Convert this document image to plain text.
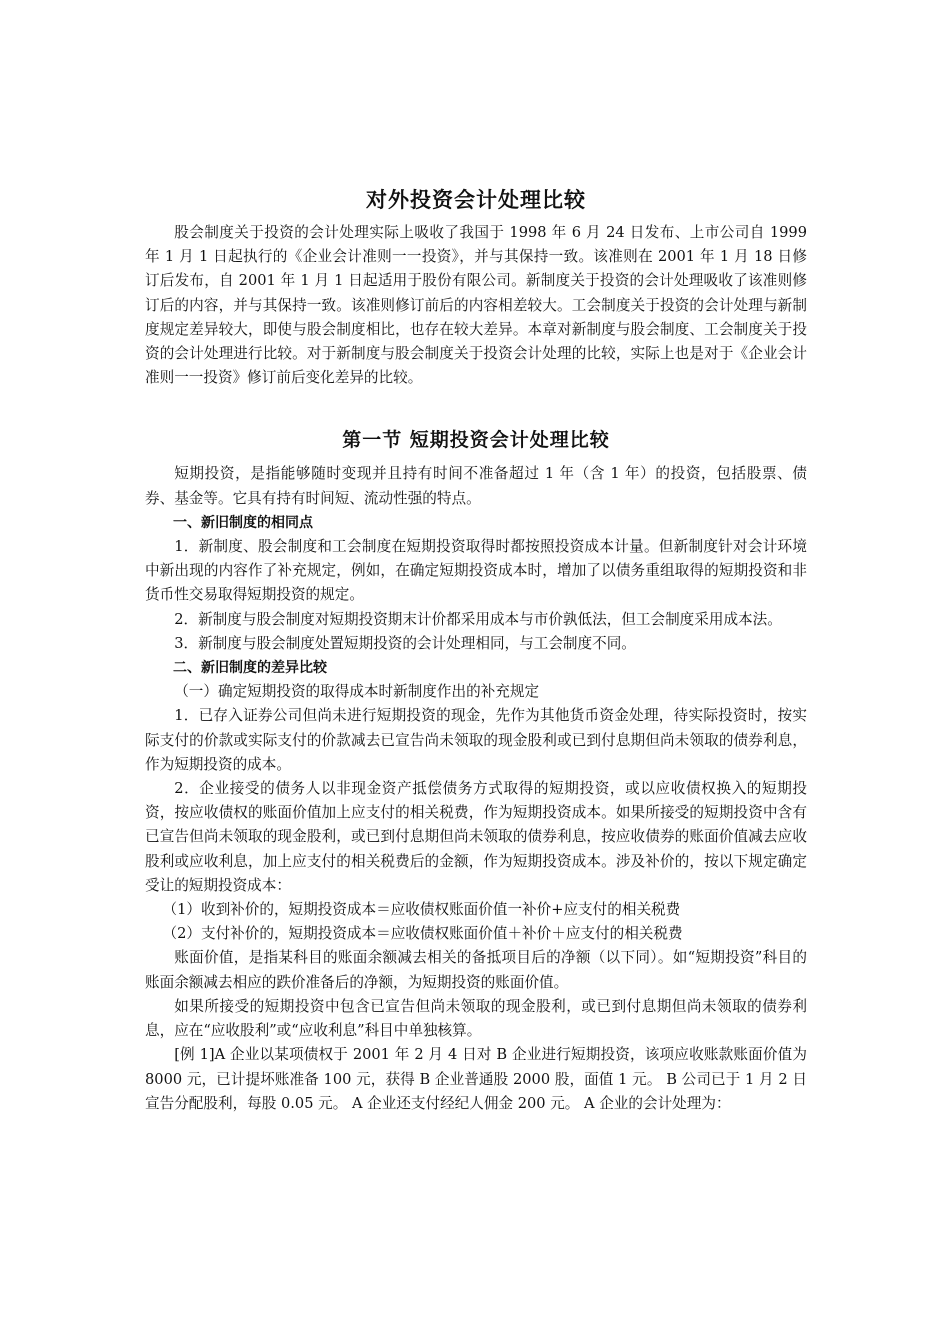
对外投资会计处理比较

股会制度关于投资的会计处理实际上吸收了我国于 1998 年 6 月 24 日发布、上市公司自 1999 年 1 月 1 日起执行的《企业会计准则一一投资》，并与其保持一致。该准则在 2001 年 1 月 18 日修订后发布，自 2001 年 1 月 1 日起适用于股份有限公司。新制度关于投资的会计处理吸收了该准则修订后的内容，并与其保持一致。该准则修订前后的内容相差较大。工会制度关于投资的会计处理与新制度规定差异较大，即使与股会制度相比，也存在较大差异。本章对新制度与股会制度、工会制度关于投资的会计处理进行比较。对于新制度与股会制度关于投资会计处理的比较，实际上也是对于《企业会计准则一一投资》修订前后变化差异的比较。

第一节 短期投资会计处理比较

短期投资，是指能够随时变现并且持有时间不准备超过 1 年（含 1 年）的投资，包括股票、债券、基金等。它具有持有时间短、流动性强的特点。

一、新旧制度的相同点

1．新制度、股会制度和工会制度在短期投资取得时都按照投资成本计量。但新制度针对会计环境中新出现的内容作了补充规定，例如，在确定短期投资成本时，增加了以债务重组取得的短期投资和非货币性交易取得短期投资的规定。

2．新制度与股会制度对短期投资期末计价都采用成本与市价孰低法，但工会制度采用成本法。

3．新制度与股会制度处置短期投资的会计处理相同，与工会制度不同。

二、新旧制度的差异比较

（一）确定短期投资的取得成本时新制度作出的补充规定

1．已存入证券公司但尚未进行短期投资的现金，先作为其他货币资金处理，待实际投资时，按实际支付的价款或实际支付的价款减去已宣告尚未领取的现金股利或已到付息期但尚未领取的债券利息，作为短期投资的成本。

2．企业接受的债务人以非现金资产抵偿债务方式取得的短期投资，或以应收债权换入的短期投资，按应收债权的账面价值加上应支付的相关税费，作为短期投资成本。如果所接受的短期投资中含有已宣告但尚未领取的现金股利，或已到付息期但尚未领取的债券利息，按应收债券的账面价值减去应收股利或应收利息，加上应支付的相关税费后的金额，作为短期投资成本。涉及补价的，按以下规定确定受让的短期投资成本：

（1）收到补价的，短期投资成本＝应收债权账面价值一补价+应支付的相关税费

（2）支付补价的，短期投资成本＝应收债权账面价值＋补价＋应支付的相关税费

账面价值，是指某科目的账面余额减去相关的备抵项目后的净额（以下同）。如“短期投资”科目的账面余额减去相应的跌价准备后的净额，为短期投资的账面价值。

如果所接受的短期投资中包含已宣告但尚未领取的现金股利，或已到付息期但尚未领取的债券利息，应在“应收股利”或“应收利息”科目中单独核算。

[例 1]A 企业以某项债权于 2001 年 2 月 4 日对 B 企业进行短期投资，该项应收账款账面价值为 8000 元，已计提坏账准备 100 元，获得 B 企业普通股 2000 股，面值 1 元。 B 公司已于 1 月 2 日宣告分配股利，每股 0.05 元。 A 企业还支付经纪人佣金 200 元。 A 企业的会计处理为：
